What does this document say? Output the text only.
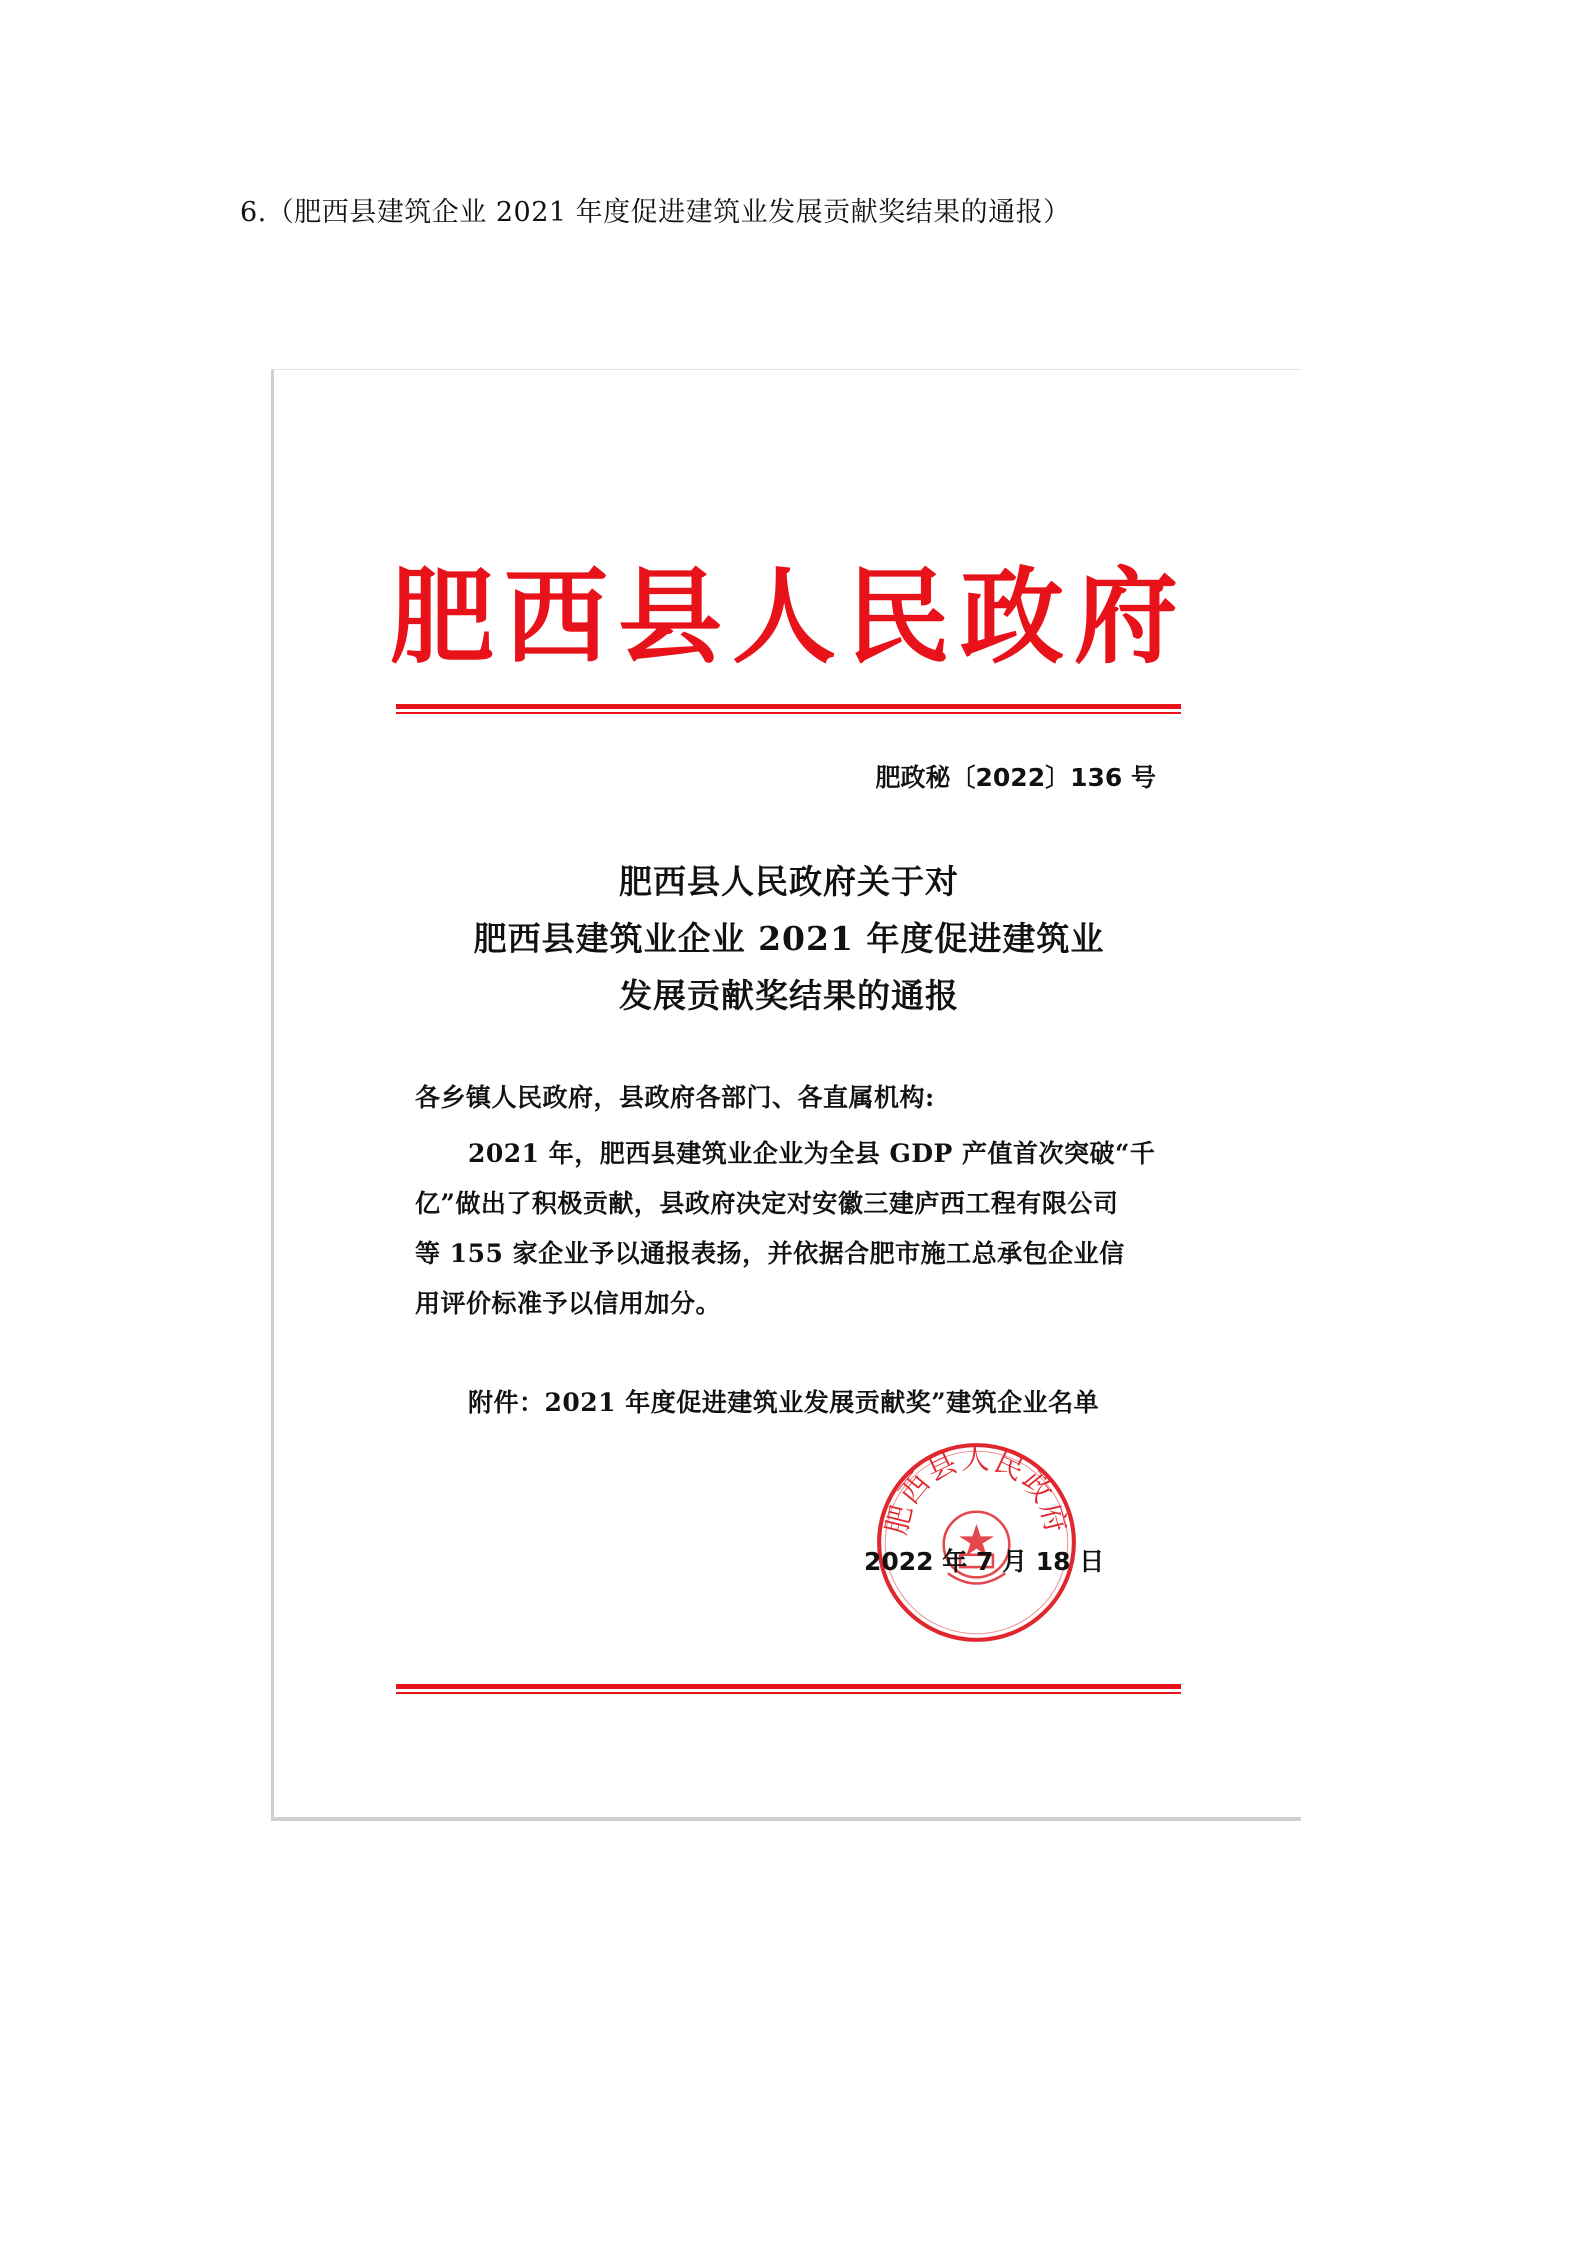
6.（肥西县建筑企业 2021 年度促进建筑业发展贡献奖结果的通报）
肥西县人民政府
肥政秘〔2022〕136 号
肥西县人民政府关于对
肥西县建筑业企业 2021 年度促进建筑业
发展贡献奖结果的通报
各乡镇人民政府，县政府各部门、各直属机构:
2021 年，肥西县建筑业企业为全县 GDP 产值首次突破“千
亿”做出了积极贡献，县政府决定对安徽三建庐西工程有限公司
等 155 家企业予以通报表扬，并依据合肥市施工总承包企业信
用评价标准予以信用加分。
附件：2021 年度促进建筑业发展贡献奖”建筑企业名单
肥西县人民政府
2022 年 7 月 18 日
